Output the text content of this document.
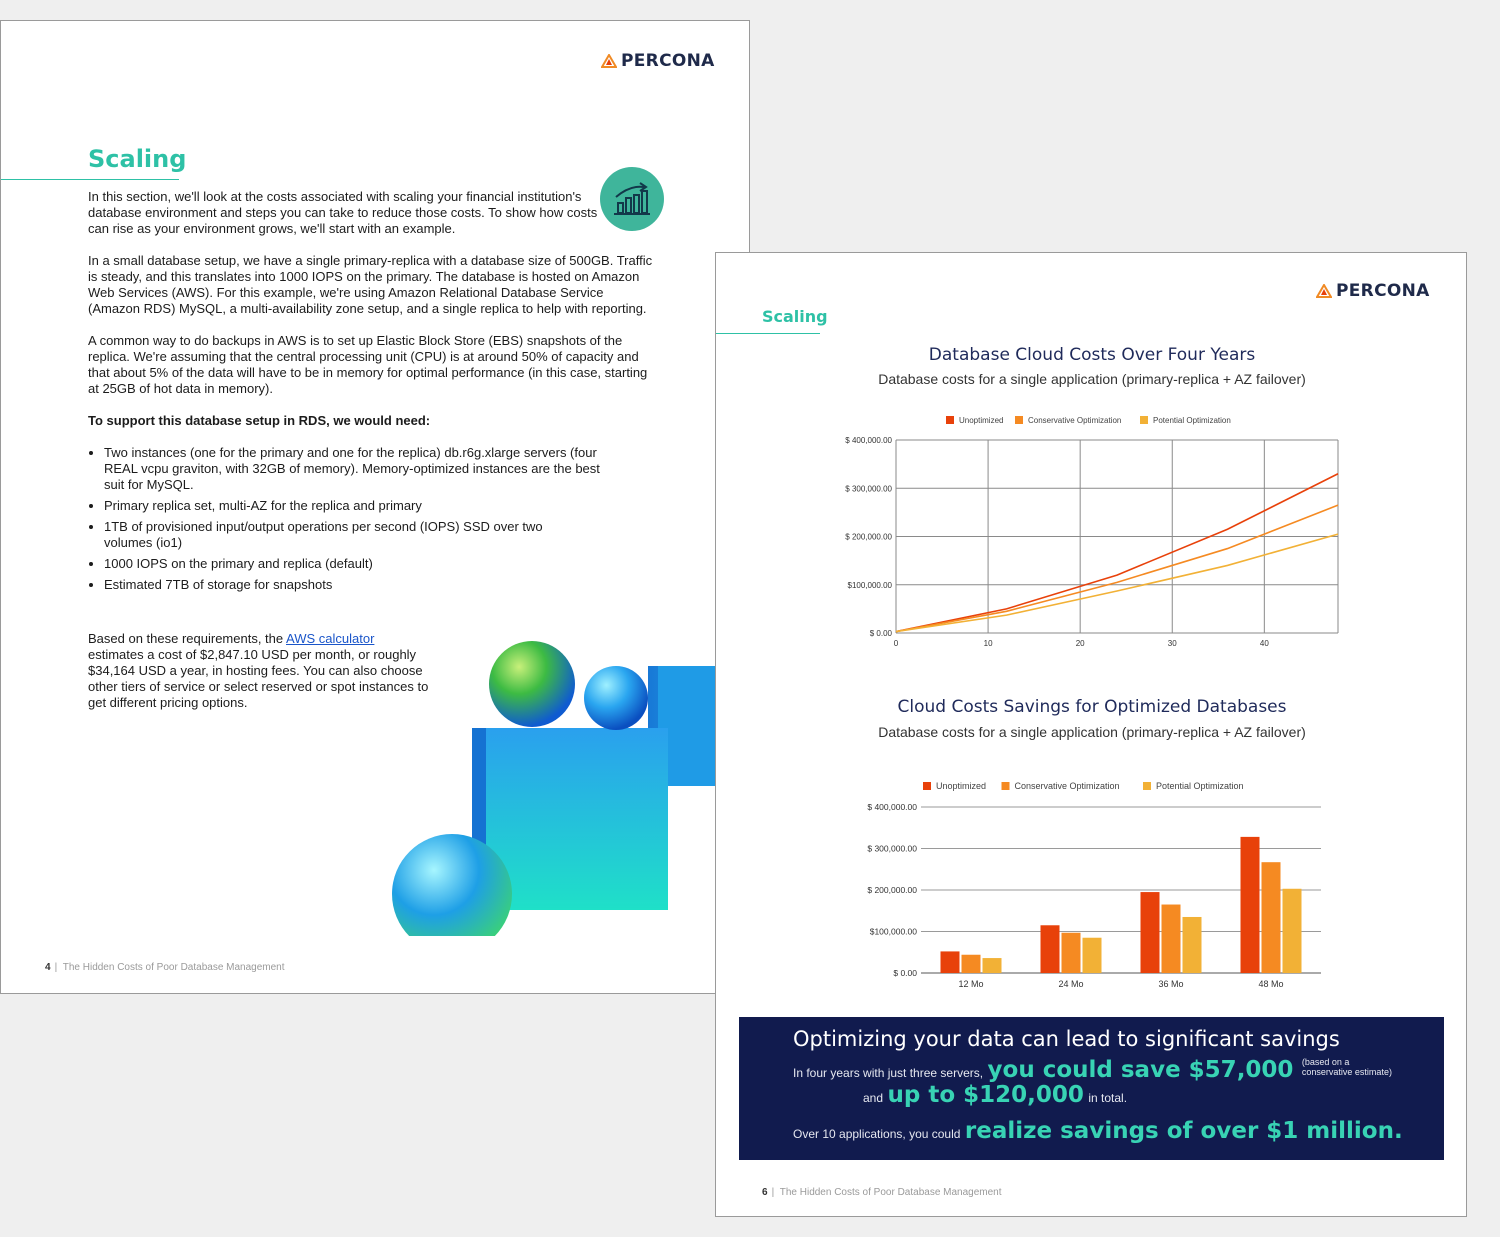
PERCONA
Scaling

In this section, we'll look at the costs associated with scaling your financial institution's database environment and steps you can take to reduce those costs. To show how costs can rise as your environment grows, we'll start with an example.

In a small database setup, we have a single primary-replica with a database size of 500GB. Traffic is steady, and this translates into 1000 IOPS on the primary. The database is hosted on Amazon Web Services (AWS). For this example, we're using Amazon Relational Database Service (Amazon RDS) MySQL, a multi-availability zone setup, and a single replica to help with reporting.

A common way to do backups in AWS is to set up Elastic Block Store (EBS) snapshots of the replica. We're assuming that the central processing unit (CPU) is at around 50% of capacity and that about 5% of the data will have to be in memory for optimal performance (in this case, starting at 25GB of hot data in memory).

To support this database setup in RDS, we would need:

• Two instances (one for the primary and one for the replica) db.r6g.xlarge servers (four REAL vcpu graviton, with 32GB of memory). Memory-optimized instances are the best suit for MySQL.
• Primary replica set, multi-AZ for the replica and primary
• 1TB of provisioned input/output operations per second (IOPS) SSD over two volumes (io1)
• 1000 IOPS on the primary and replica (default)
• Estimated 7TB of storage for snapshots
Based on these requirements, the AWS calculator estimates a cost of $2,847.10 USD per month, or roughly $34,164 USD a year, in hosting fees. You can also choose other tiers of service or select reserved or spot instances to get different pricing options.
4 | The Hidden Costs of Poor Database Management
PERCONA
Scaling
Database Cloud Costs Over Four Years
Database costs for a single application (primary-replica + AZ failover)
Unoptimized	Conservative Optimization	Potential Optimization
$ 0.00
$100,000.00
$ 200,000.00
$ 300,000.00
$ 400,000.00
0	10	20	30	40
Cloud Costs Savings for Optimized Databases
Database costs for a single application (primary-replica + AZ failover)
Unoptimized	Conservative Optimization	Potential Optimization
$ 0.00
$100,000.00
$ 200,000.00
$ 300,000.00
$ 400,000.00
12 Mo	24 Mo	36 Mo	48 Mo
Optimizing your data can lead to significant savings
In four years with just three servers, you could save $57,000 (based on a
conservative estimate)
and up to $120,000 in total.
Over 10 applications, you could realize savings of over $1 million.
6 | The Hidden Costs of Poor Database Management
